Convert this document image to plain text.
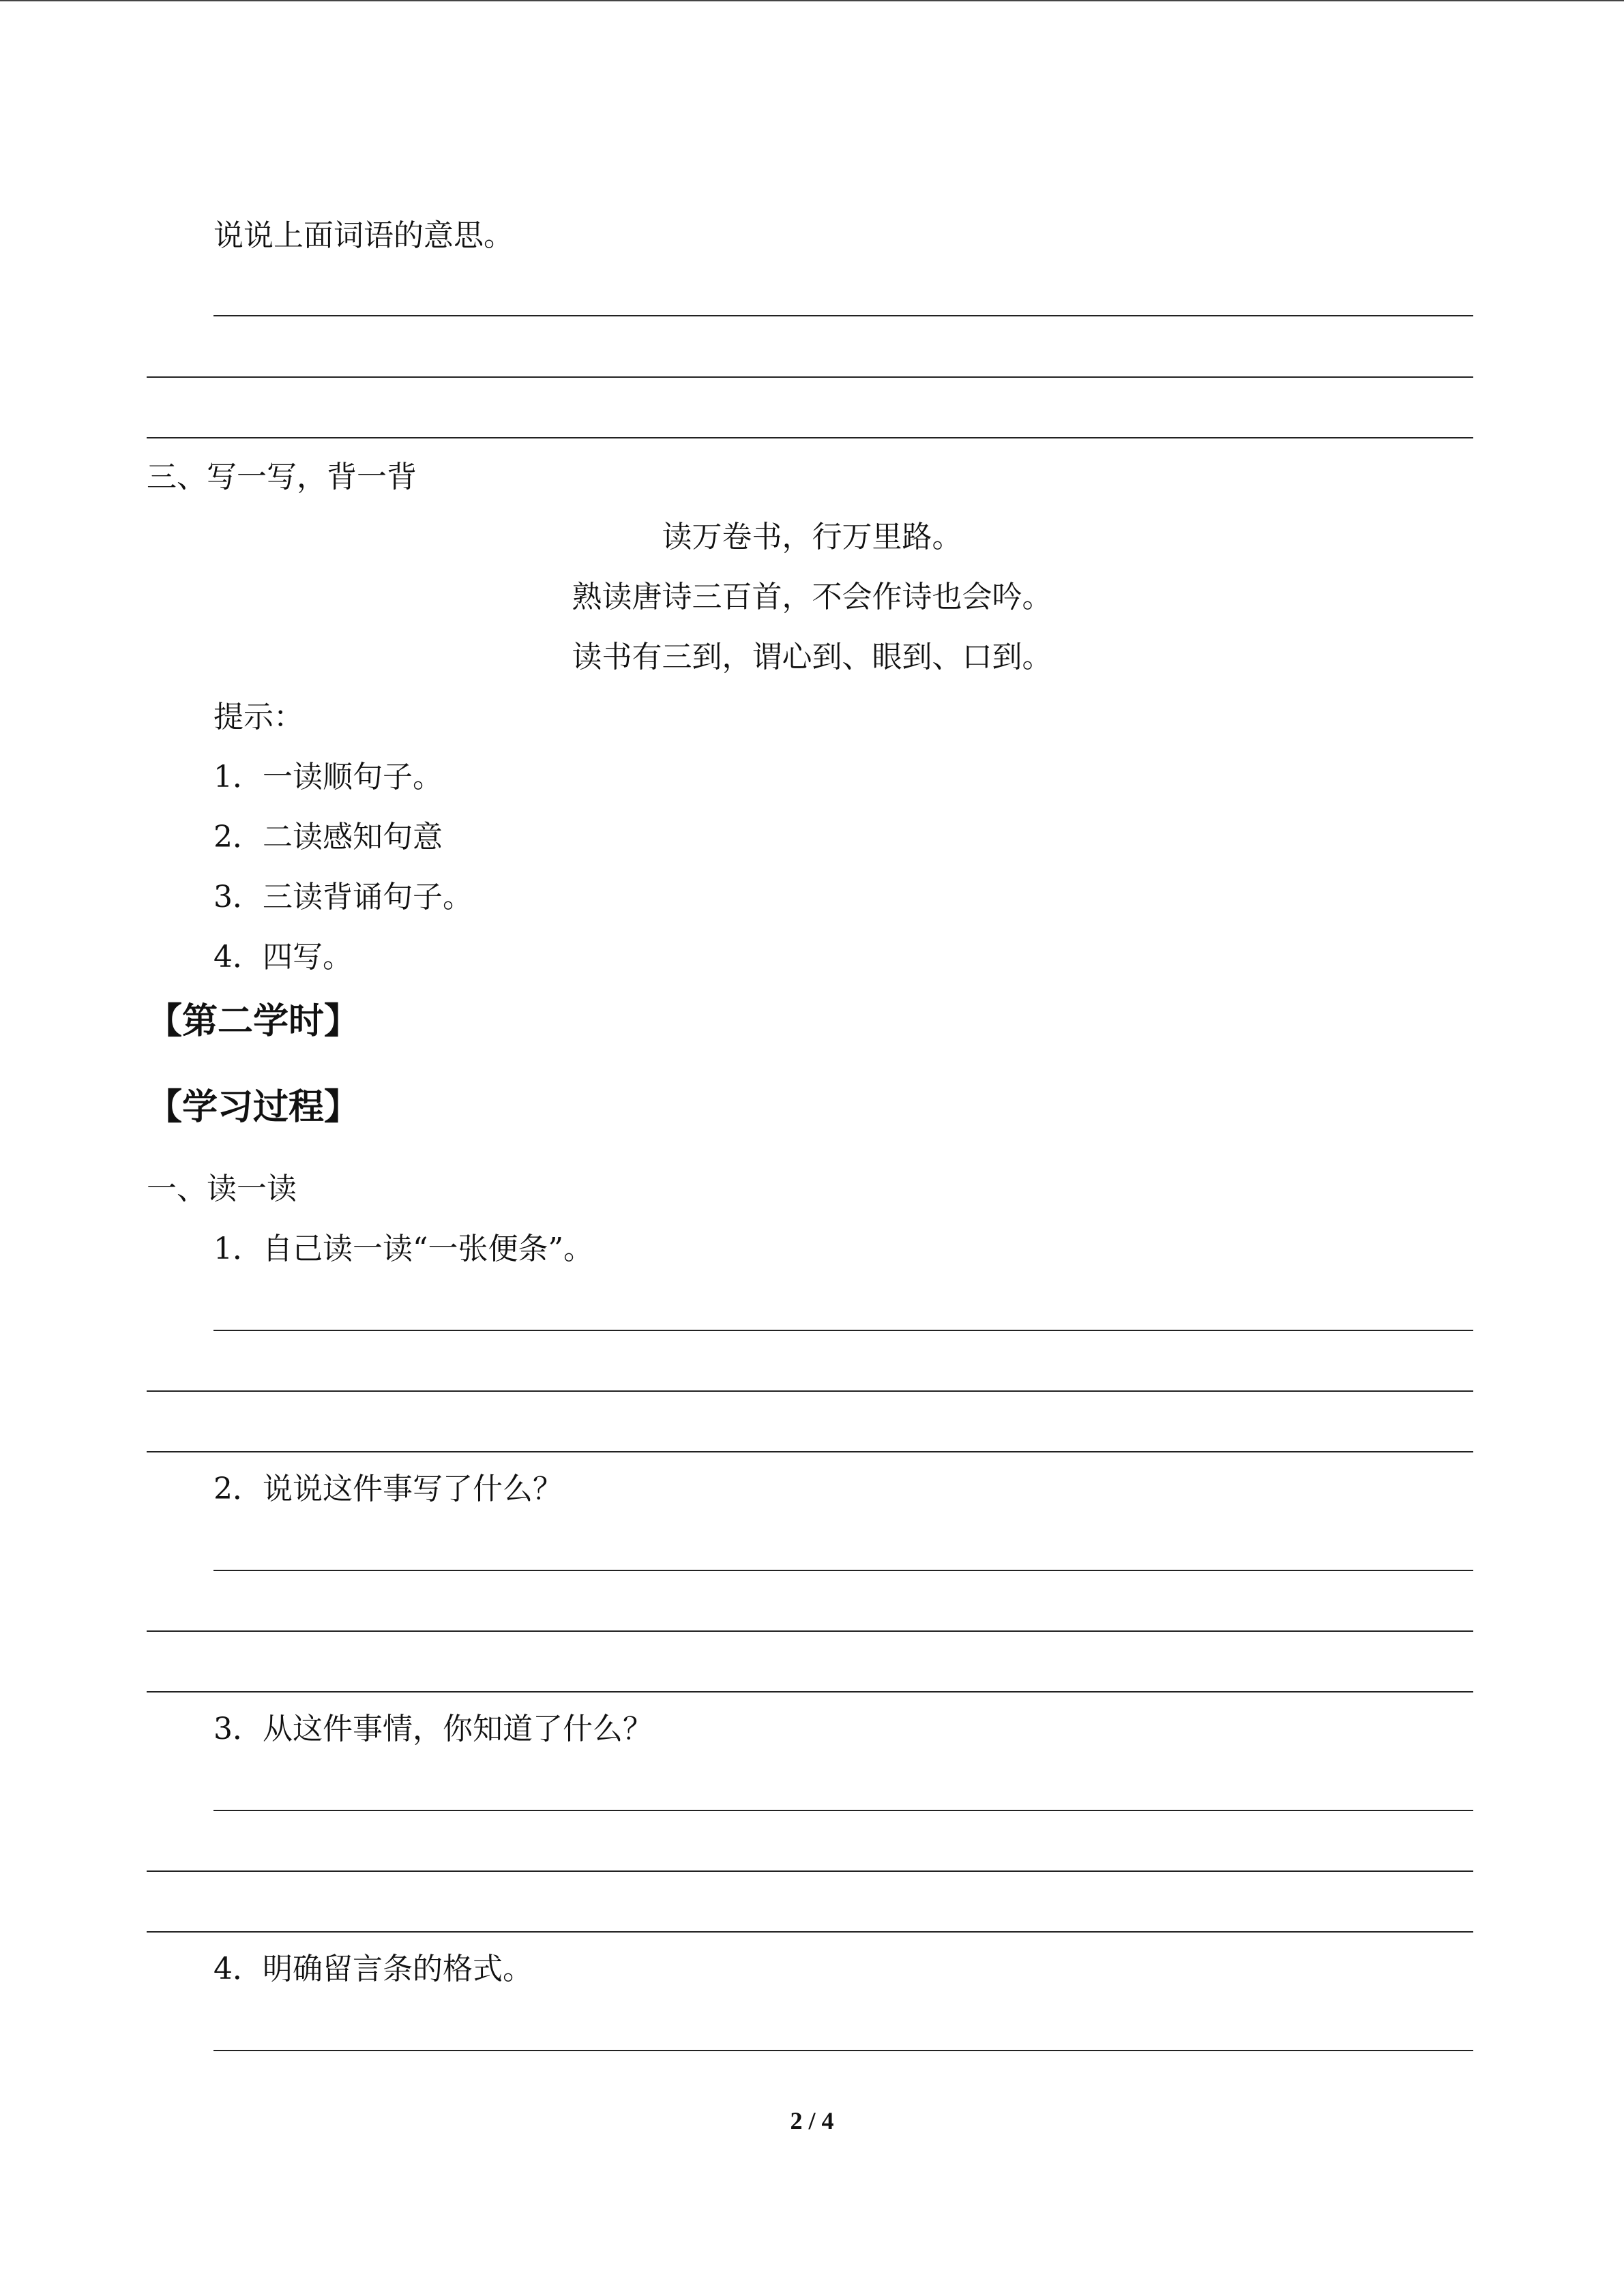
说说上面词语的意思。
三、写一写，背一背
读万卷书，行万里路。
熟读唐诗三百首，不会作诗也会吟。
读书有三到，谓心到、眼到、口到。
提示：
1．一读顺句子。
2．二读感知句意
3．三读背诵句子。
4．四写。
【第二学时】
【学习过程】
一、读一读
1．自己读一读“一张便条”。
2．说说这件事写了什么？
3．从这件事情，你知道了什么？
4．明确留言条的格式。
2 / 4
